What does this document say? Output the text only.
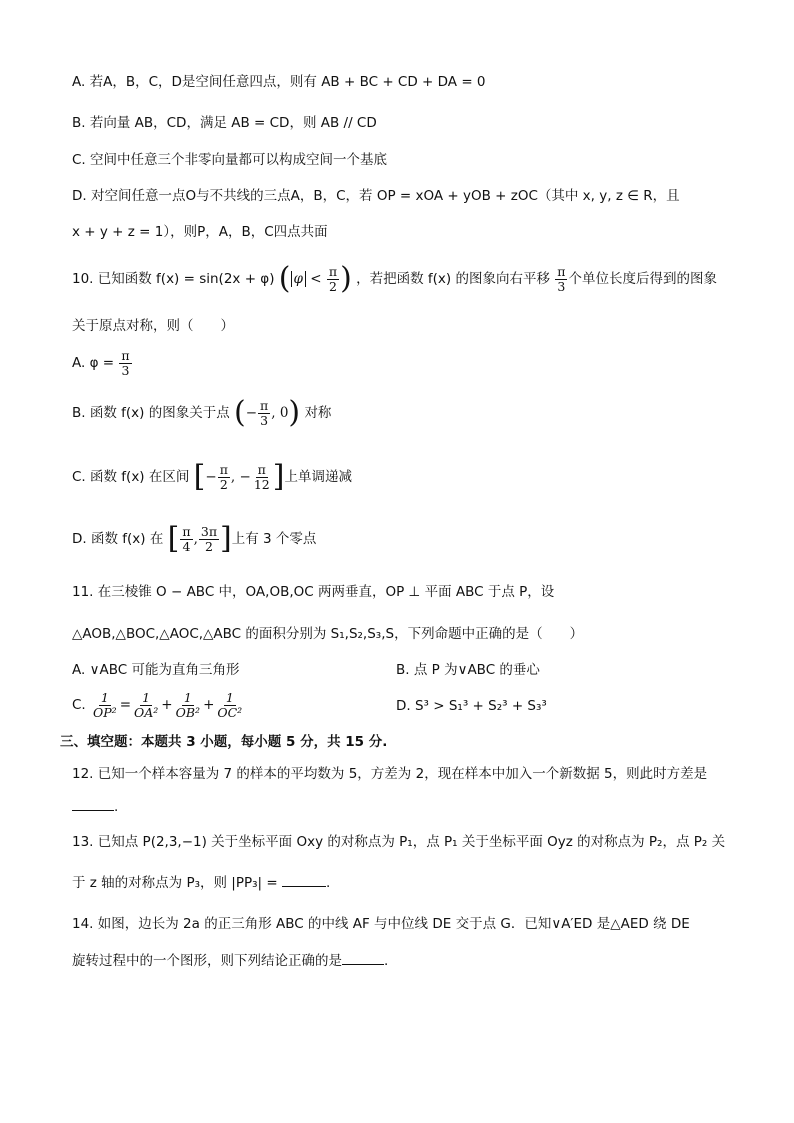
A. 若A，B，C，D是空间任意四点，则有 AB + BC + CD + DA = 0
B. 若向量 AB，CD，满足 AB = CD，则 AB // CD
C. 空间中任意三个非零向量都可以构成空间一个基底
D. 对空间任意一点O与不共线的三点A，B，C，若 OP = xOA + yOB + zOC（其中 x, y, z ∈ R，且
x + y + z = 1），则P，A，B，C四点共面
10. 已知函数 f(x) = sin(2x + φ) ( $\varphi < \frac{\pi}{2}$ ) ，若把函数 f(x) 的图象向右平移 $\frac{\pi}{3}$ 个单位长度后得到的图象
关于原点对称，则（　　）
A. $\varphi = \frac{\pi}{3}$
B. 函数 f(x) 的图象关于点 (− $\frac{\pi}{3}$ , 0) 对称
C. 函数 f(x) 在区间 [− $\frac{\pi}{2}$ , − $\frac{\pi}{12}$ ]上单调递减
D. 函数 f(x) 在 [ $\frac{\pi}{4}$ , $\frac{3\pi}{2}$ ]上有 3 个零点
11. 在三棱锥 O − ABC 中，OA,OB,OC 两两垂直，OP ⊥ 平面 ABC 于点 P，设
△AOB,△BOC,△AOC,△ABC 的面积分别为 S₁,S₂,S₃,S，下列命题中正确的是（　　）
A. ∨ABC 可能为直角三角形	B. 点 P 为∨ABC 的垂心
C. $\frac{1}{\text{OP²}} = \frac{1}{\text{OA²}} + \frac{1}{\text{OB²}} + \frac{1}{\text{OC²}}$	D. S³ > S₁³ + S₂³ + S₃³
三、填空题：本题共 3 小题，每小题 5 分，共 15 分.
12. 已知一个样本容量为 7 的样本的平均数为 5，方差为 2，现在样本中加入一个新数据 5，则此时方差是
.
13. 已知点 P(2,3,−1) 关于坐标平面 Oxy 的对称点为 P₁，点 P₁ 关于坐标平面 Oyz 的对称点为 P₂，点 P₂ 关
于 z 轴的对称点为 P₃，则 |PP₃| =	.
14. 如图，边长为 2a 的正三角形 ABC 的中线 AF 与中位线 DE 交于点 G．已知∨A′ED 是△AED 绕 DE
旋转过程中的一个图形，则下列结论正确的是	.
